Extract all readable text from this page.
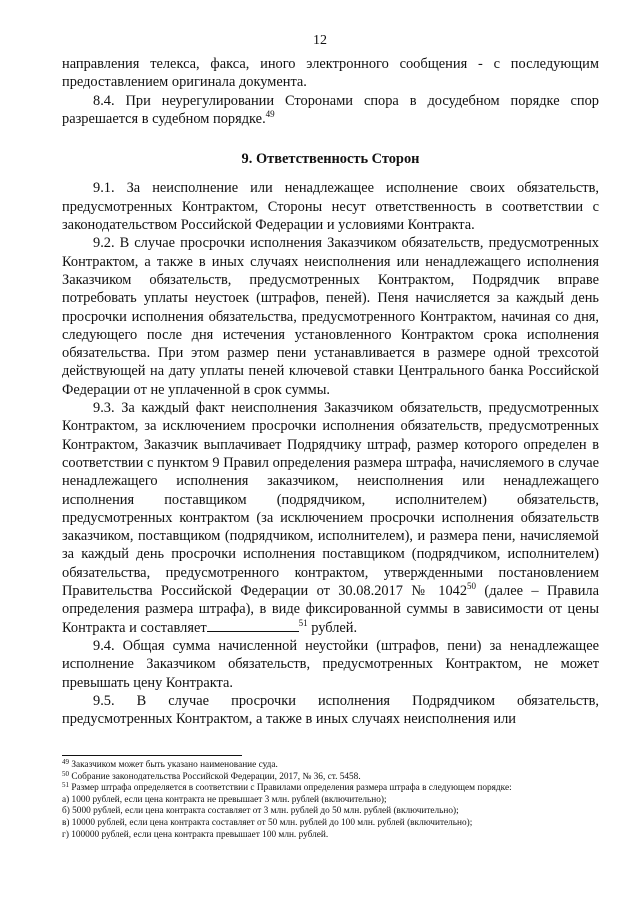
12

направления телекса, факса, иного электронного сообщения - с последующим предоставлением оригинала документа.

8.4. При неурегулировании Сторонами спора в досудебном порядке спор разрешается в судебном порядке.$^{49}$

9. Ответственность Сторон

9.1. За неисполнение или ненадлежащее исполнение своих обязательств, предусмотренных Контрактом, Стороны несут ответственность в соответствии с законодательством Российской Федерации и условиями Контракта.

9.2. В случае просрочки исполнения Заказчиком обязательств, предусмотренных Контрактом, а также в иных случаях неисполнения или ненадлежащего исполнения Заказчиком обязательств, предусмотренных Контрактом, Подрядчик вправе потребовать уплаты неустоек (штрафов, пеней). Пеня начисляется за каждый день просрочки исполнения обязательства, предусмотренного Контрактом, начиная со дня, следующего после дня истечения установленного Контрактом срока исполнения обязательства. При этом размер пени устанавливается в размере одной трехсотой действующей на дату уплаты пеней ключевой ставки Центрального банка Российской Федерации от не уплаченной в срок суммы.

9.3. За каждый факт неисполнения Заказчиком обязательств, предусмотренных Контрактом, за исключением просрочки исполнения обязательств, предусмотренных Контрактом, Заказчик выплачивает Подрядчику штраф, размер которого определен в соответствии с пунктом 9 Правил определения размера штрафа, начисляемого в случае ненадлежащего исполнения заказчиком, неисполнения или ненадлежащего исполнения поставщиком (подрядчиком, исполнителем) обязательств, предусмотренных контрактом (за исключением просрочки исполнения обязательств заказчиком, поставщиком (подрядчиком, исполнителем), и размера пени, начисляемой за каждый день просрочки исполнения поставщиком (подрядчиком, исполнителем) обязательства, предусмотренного контрактом, утвержденными постановлением Правительства Российской Федерации от 30.08.2017 № 1042$^{50}$ (далее – Правила определения размера штрафа), в виде фиксированной суммы в зависимости от цены Контракта и составляет	$^{51}$ рублей.

9.4. Общая сумма начисленной неустойки (штрафов, пени) за ненадлежащее исполнение Заказчиком обязательств, предусмотренных Контрактом, не может превышать цену Контракта.

9.5. В случае просрочки исполнения Подрядчиком обязательств, предусмотренных Контрактом, а также в иных случаях неисполнения или

$^{49}$ Заказчиком может быть указано наименование суда.

$^{50}$ Собрание законодательства Российской Федерации, 2017, № 36, ст. 5458.

$^{51}$ Размер штрафа определяется в соответствии с Правилами определения размера штрафа в следующем порядке:

а) 1000 рублей, если цена контракта не превышает 3 млн. рублей (включительно);

б) 5000 рублей, если цена контракта составляет от 3 млн. рублей до 50 млн. рублей (включительно);

в) 10000 рублей, если цена контракта составляет от 50 млн. рублей до 100 млн. рублей (включительно);

г) 100000 рублей, если цена контракта превышает 100 млн. рублей.
